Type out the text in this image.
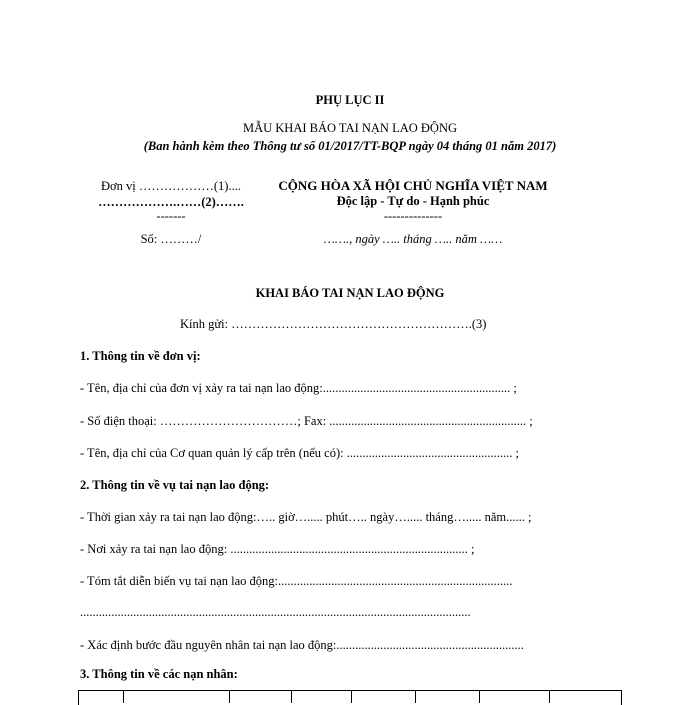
PHỤ LỤC II
MẪU KHAI BÁO TAI NẠN LAO ĐỘNG
(Ban hành kèm theo Thông tư số 01/2017/TT-BQP ngày 04 tháng 01 năm 2017)
Đơn vị ………………(1)....
……………….……(2)…….
-------
Số: ………/
CỘNG HÒA XÃ HỘI CHỦ NGHĨA VIỆT NAM
Độc lập - Tự do - Hạnh phúc
--------------
……., ngày ….. tháng ….. năm ……
KHAI BÁO TAI NẠN LAO ĐỘNG
Kính gửi: ………………………………………………….(3)
1. Thông tin về đơn vị:
- Tên, địa chỉ của đơn vị xảy ra tai nạn lao động:............................................................ ;
- Số điện thoại: ……………………………; Fax: ............................................................... ;
- Tên, địa chỉ của Cơ quan quản lý cấp trên (nếu có): ..................................................... ;
2. Thông tin về vụ tai nạn lao động:
- Thời gian xảy ra tai nạn lao động:….. giờ…..... phút….. ngày…..... tháng…..... năm...... ;
- Nơi xảy ra tai nạn lao động: ............................................................................ ;
- Tóm tắt diễn biến vụ tai nạn lao động:...........................................................................
.............................................................................................................................
- Xác định bước đầu nguyên nhân tai nạn lao động:............................................................
3. Thông tin về các nạn nhân:
